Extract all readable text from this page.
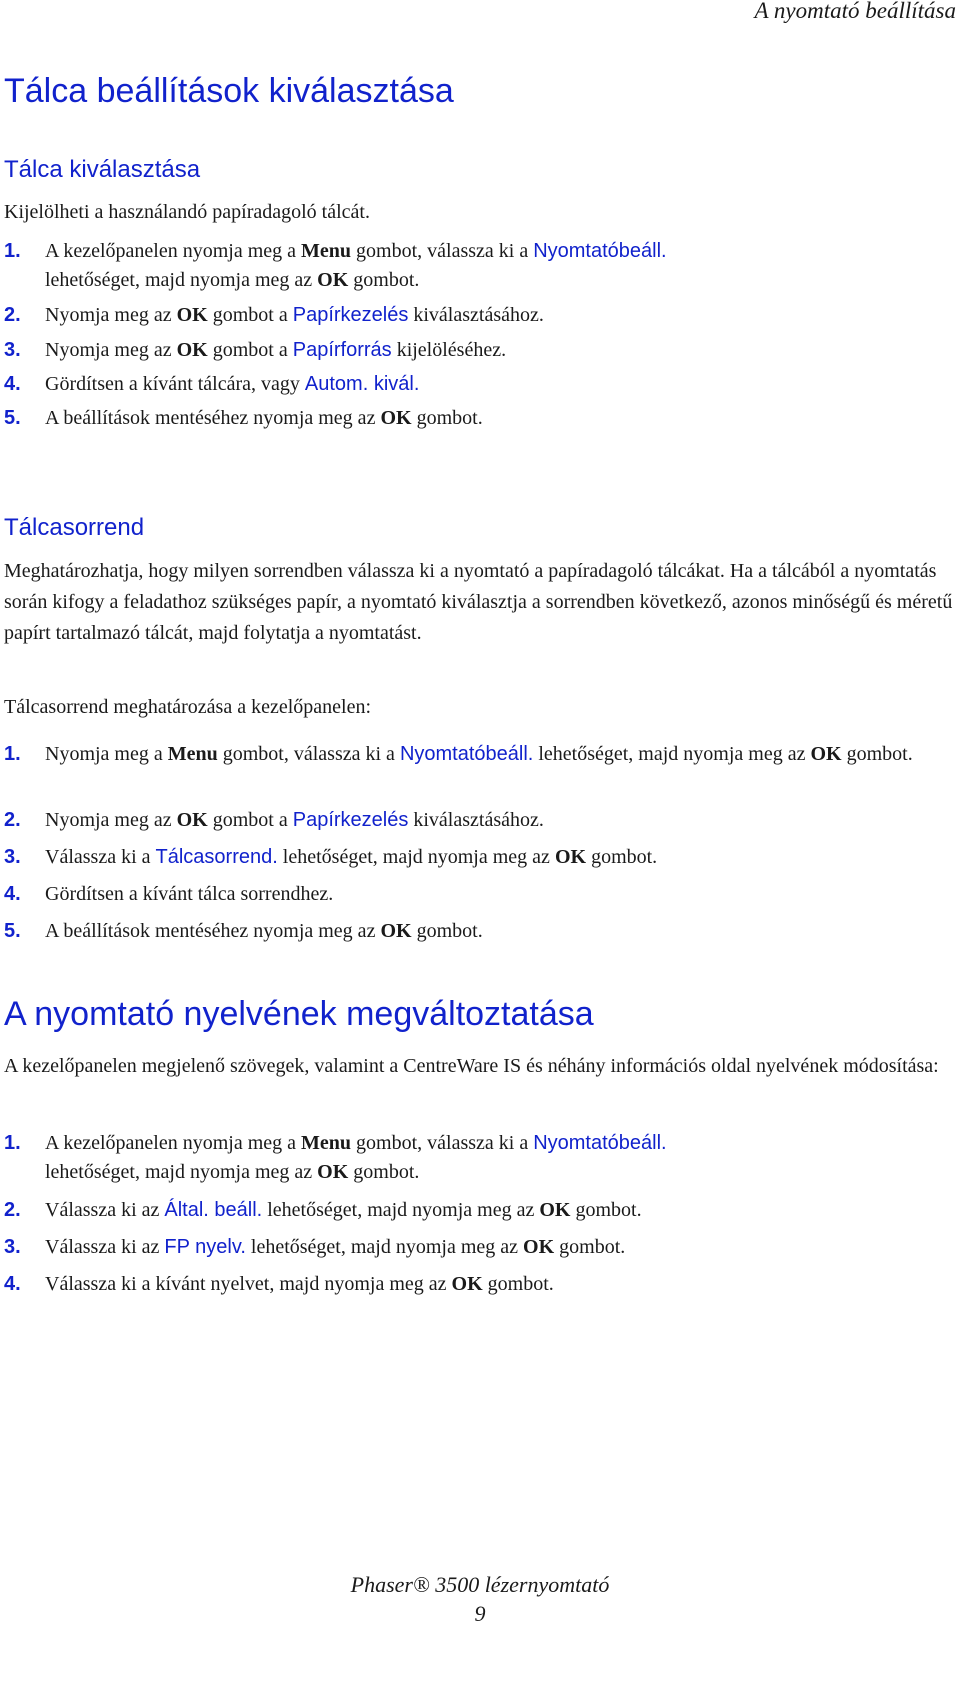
A nyomtató beállítása
Tálca beállítások kiválasztása
Tálca kiválasztása

Kijelölheti a használandó papíradagoló tálcát.

1. A kezelőpanelen nyomja meg a Menu gombot, válassza ki a Nyomtatóbeáll.
lehetőséget, majd nyomja meg az OK gombot.
2. Nyomja meg az OK gombot a Papírkezelés kiválasztásához.
3. Nyomja meg az OK gombot a Papírforrás kijelöléséhez.
4. Gördítsen a kívánt tálcára, vagy Autom. kivál.
5. A beállítások mentéséhez nyomja meg az OK gombot.
Tálcasorrend

Meghatározhatja, hogy milyen sorrendben válassza ki a nyomtató a papíradagoló tálcákat. Ha a tálcából a nyomtatás során kifogy a feladathoz szükséges papír, a nyomtató kiválasztja a sorrendben következő, azonos minőségű és méretű papírt tartalmazó tálcát, majd folytatja a nyomtatást.

Tálcasorrend meghatározása a kezelőpanelen:

1. Nyomja meg a Menu gombot, válassza ki a Nyomtatóbeáll. lehetőséget, majd nyomja meg az OK gombot.
2. Nyomja meg az OK gombot a Papírkezelés kiválasztásához.
3. Válassza ki a Tálcasorrend. lehetőséget, majd nyomja meg az OK gombot.
4. Gördítsen a kívánt tálca sorrendhez.
5. A beállítások mentéséhez nyomja meg az OK gombot.
A nyomtató nyelvének megváltoztatása

A kezelőpanelen megjelenő szövegek, valamint a CentreWare IS és néhány információs oldal nyelvének módosítása:

1. A kezelőpanelen nyomja meg a Menu gombot, válassza ki a Nyomtatóbeáll.
lehetőséget, majd nyomja meg az OK gombot.
2. Válassza ki az Által. beáll. lehetőséget, majd nyomja meg az OK gombot.
3. Válassza ki az FP nyelv. lehetőséget, majd nyomja meg az OK gombot.
4. Válassza ki a kívánt nyelvet, majd nyomja meg az OK gombot.
Phaser® 3500 lézernyomtató
9
